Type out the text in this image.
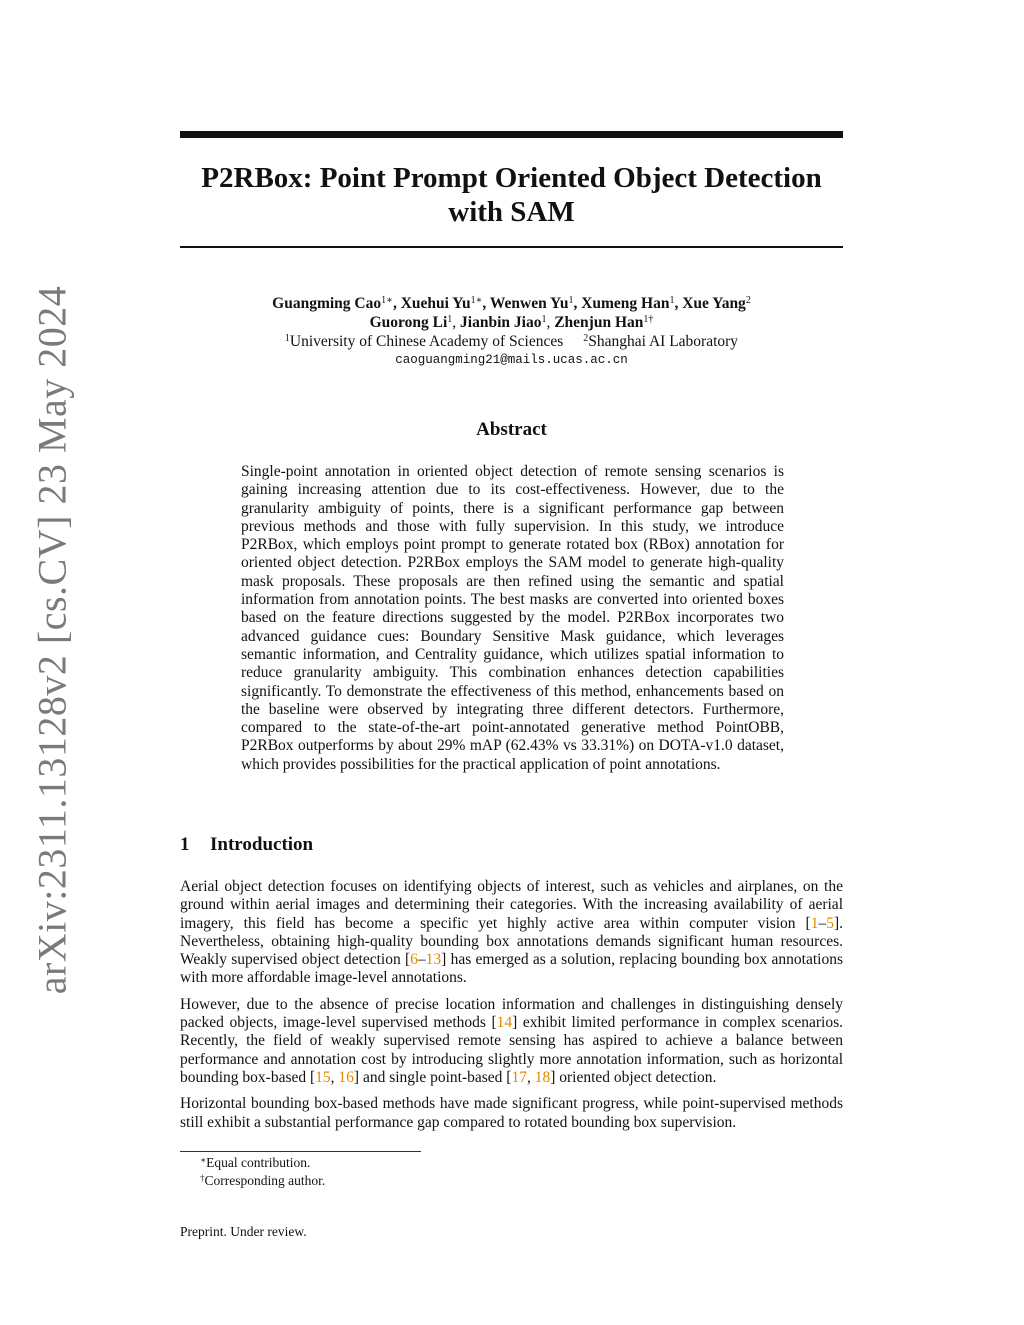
arXiv:2311.13128v2 [cs.CV] 23 May 2024
P2RBox: Point Prompt Oriented Object Detection
with SAM
Guangming Cao$^{1∗}$, Xuehui $Yu^{1∗}$, Wenwen Yu$^1$, Xumeng Han$^1$, Xue Yang$^2$
Guorong Li$^1$, Jianbin Jiao$^1$, Zhenjun Han$^{1\dagger}$
$^1$University of Chinese Academy of Sciences $^2$Shanghai AI Laboratory
caoguangming21@mails.ucas.ac.cn
Abstract

Single-point annotation in oriented object detection of remote sensing scenarios is gaining increasing attention due to its cost-effectiveness. However, due to the granularity ambiguity of points, there is a significant performance gap between previous methods and those with fully supervision. In this study, we introduce P2RBox, which employs point prompt to generate rotated box (RBox) annotation for oriented object detection. P2RBox employs the SAM model to generate high-quality mask proposals. These proposals are then refined using the semantic and spatial information from annotation points. The best masks are converted into oriented boxes based on the feature directions suggested by the model. P2RBox incorporates two advanced guidance cues: Boundary Sensitive Mask guidance, which leverages semantic information, and Centrality guidance, which utilizes spatial information to reduce granularity ambiguity. This combination enhances detection capabilities significantly. To demonstrate the effectiveness of this method, enhancements based on the baseline were observed by integrating three different detectors. Furthermore, compared to the state-of-the-art point-annotated generative method PointOBB, P2RBox outperforms by about 29% mAP (62.43% vs 33.31%) on DOTA-v1.0 dataset, which provides possibilities for the practical application of point annotations.

1 Introduction

Aerial object detection focuses on identifying objects of interest, such as vehicles and airplanes, on the ground within aerial images and determining their categories. With the increasing availability of aerial imagery, this field has become a specific yet highly active area within computer vision [1–5]. Nevertheless, obtaining high-quality bounding box annotations demands significant human resources. Weakly supervised object detection [6–13] has emerged as a solution, replacing bounding box annotations with more affordable image-level annotations.

However, due to the absence of precise location information and challenges in distinguishing densely packed objects, image-level supervised methods [14] exhibit limited performance in complex scenarios. Recently, the field of weakly supervised remote sensing has aspired to achieve a balance between performance and annotation cost by introducing slightly more annotation information, such as horizontal bounding box-based [15, 16] and single point-based [17, 18] oriented object detection.

Horizontal bounding box-based methods have made significant progress, while point-supervised methods still exhibit a substantial performance gap compared to rotated bounding box supervision.

∗Equal contribution.
†Corresponding author.
Preprint. Under review.
